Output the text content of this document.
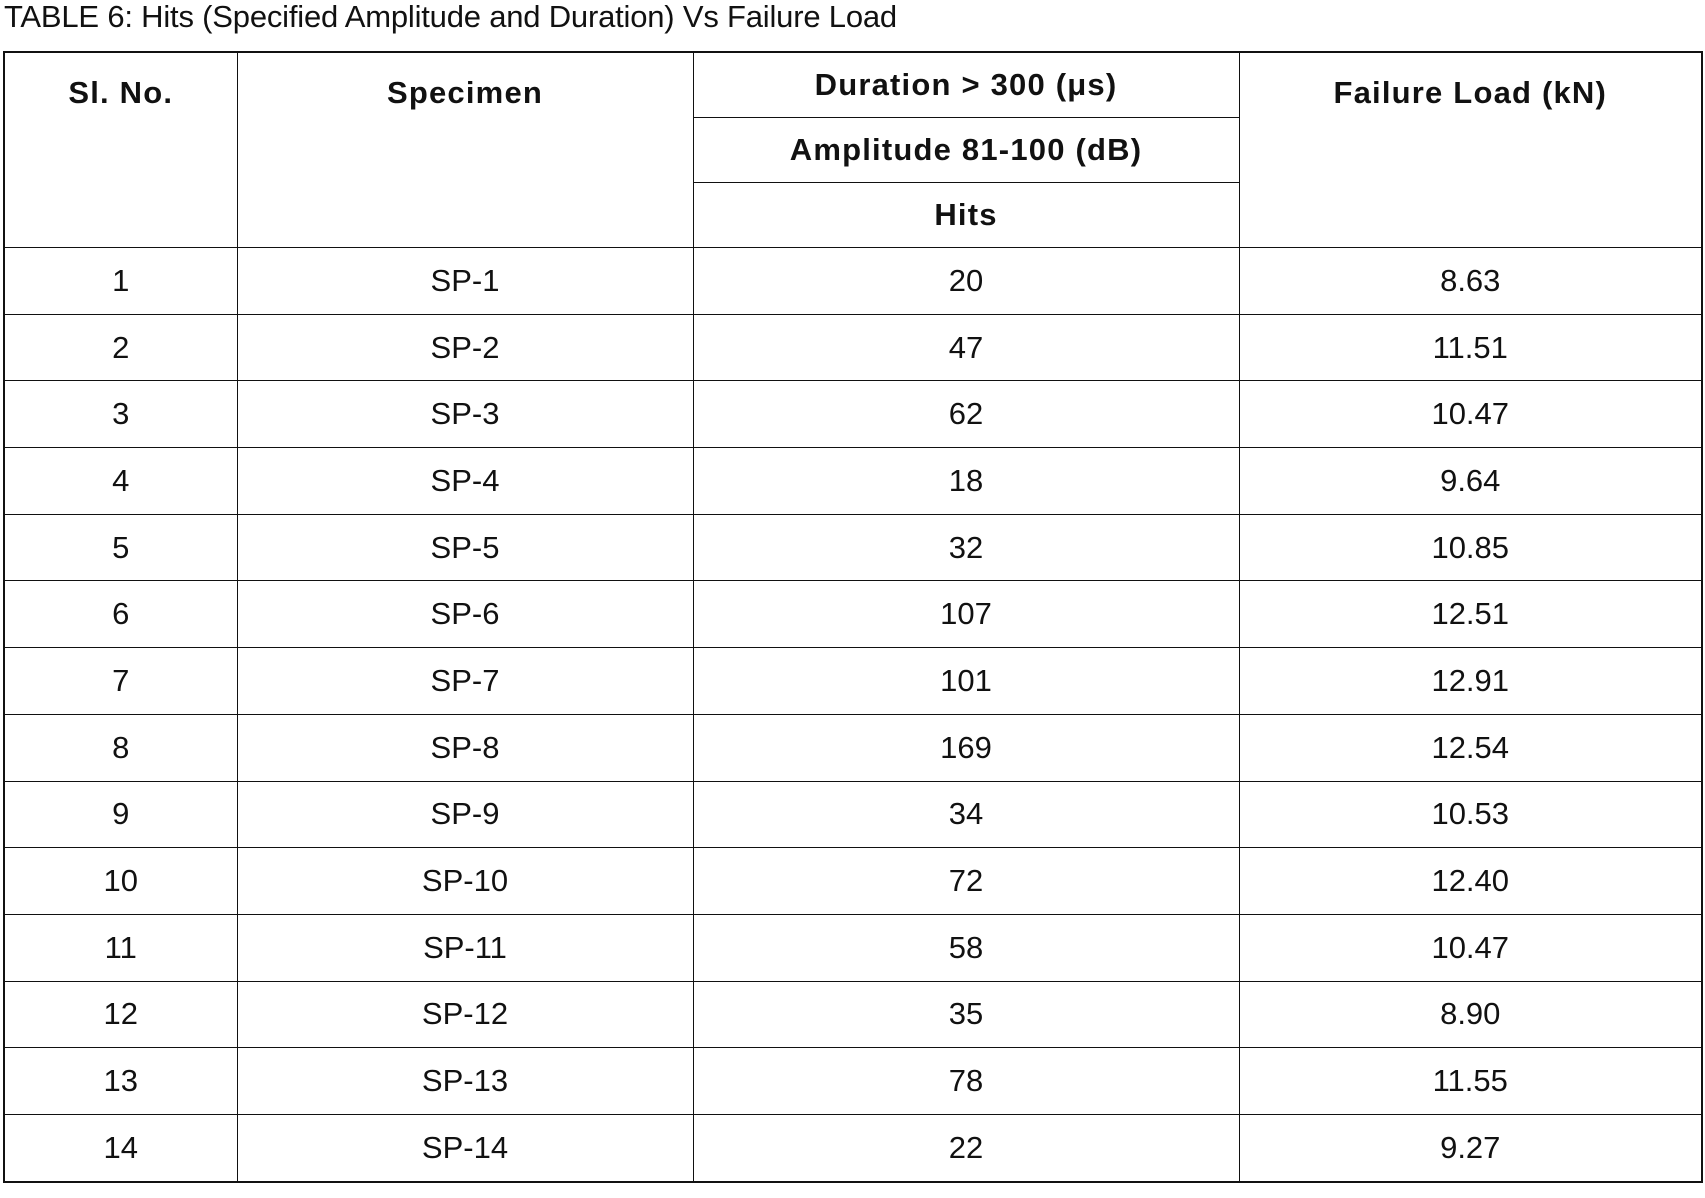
TABLE 6: Hits (Specified Amplitude and Duration) Vs Failure Load
Sl. No.	Specimen	Duration > 300 (μs)	Failure Load (kN)
		Amplitude 81-100 (dB)	
		Hits	
1	SP-1	20	8.63
2	SP-2	47	11.51
3	SP-3	62	10.47
4	SP-4	18	9.64
5	SP-5	32	10.85
6	SP-6	107	12.51
7	SP-7	101	12.91
8	SP-8	169	12.54
9	SP-9	34	10.53
10	SP-10	72	12.40
11	SP-11	58	10.47
12	SP-12	35	8.90
13	SP-13	78	11.55
14	SP-14	22	9.27
